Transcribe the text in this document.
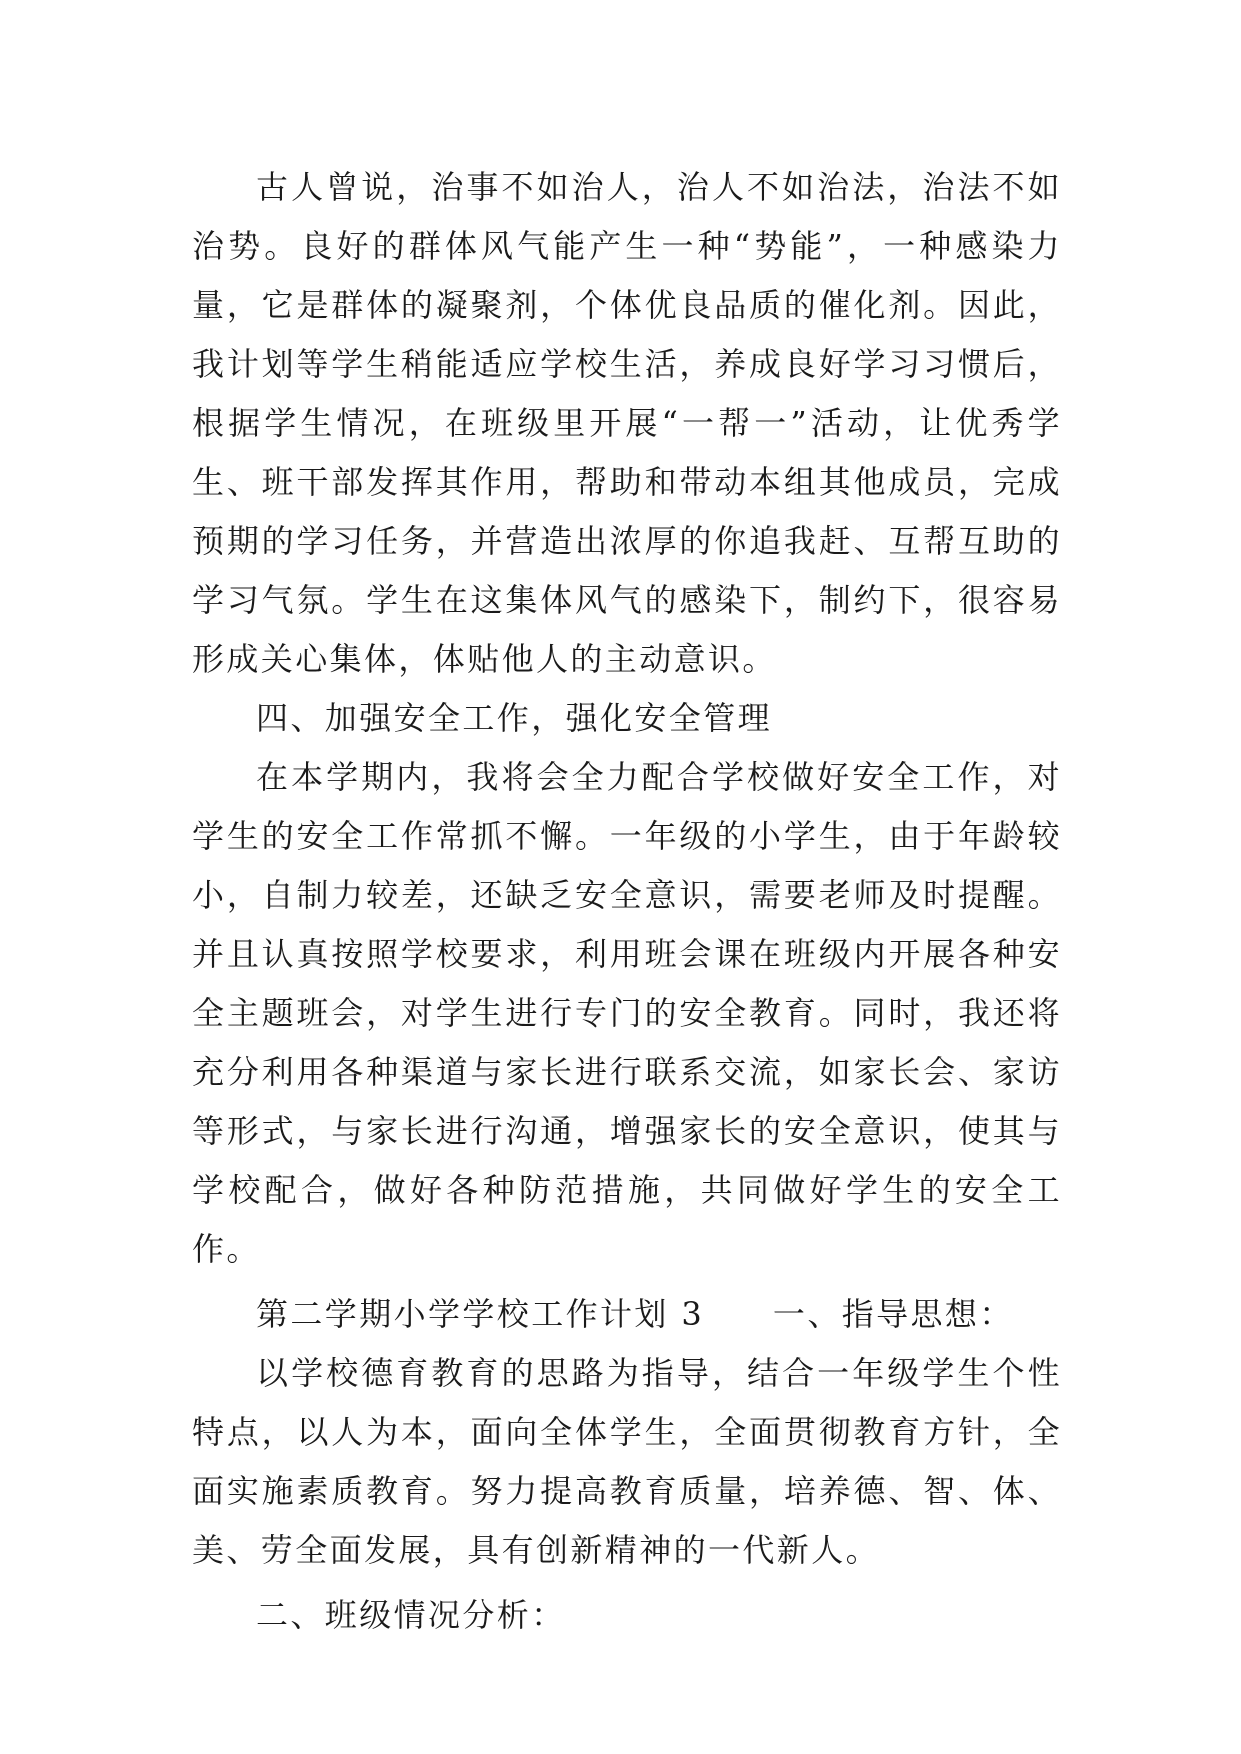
古人曾说，治事不如治人，治人不如治法，治法不如治势。良好的群体风气能产生一种“势能”，一种感染力量，它是群体的凝聚剂，个体优良品质的催化剂。因此，我计划等学生稍能适应学校生活，养成良好学习习惯后，根据学生情况，在班级里开展“一帮一”活动，让优秀学生、班干部发挥其作用，帮助和带动本组其他成员，完成预期的学习任务，并营造出浓厚的你追我赶、互帮互助的学习气氛。学生在这集体风气的感染下，制约下，很容易形成关心集体，体贴他人的主动意识。

四、加强安全工作，强化安全管理

在本学期内，我将会全力配合学校做好安全工作，对学生的安全工作常抓不懈。一年级的小学生，由于年龄较小，自制力较差，还缺乏安全意识，需要老师及时提醒。并且认真按照学校要求，利用班会课在班级内开展各种安全主题班会，对学生进行专门的安全教育。同时，我还将充分利用各种渠道与家长进行联系交流，如家长会、家访等形式，与家长进行沟通，增强家长的安全意识，使其与学校配合，做好各种防范措施，共同做好学生的安全工作。

第二学期小学学校工作计划 3　　一、指导思想：

以学校德育教育的思路为指导，结合一年级学生个性特点，以人为本，面向全体学生，全面贯彻教育方针，全面实施素质教育。努力提高教育质量，培养德、智、体、美、劳全面发展，具有创新精神的一代新人。

二、班级情况分析：
